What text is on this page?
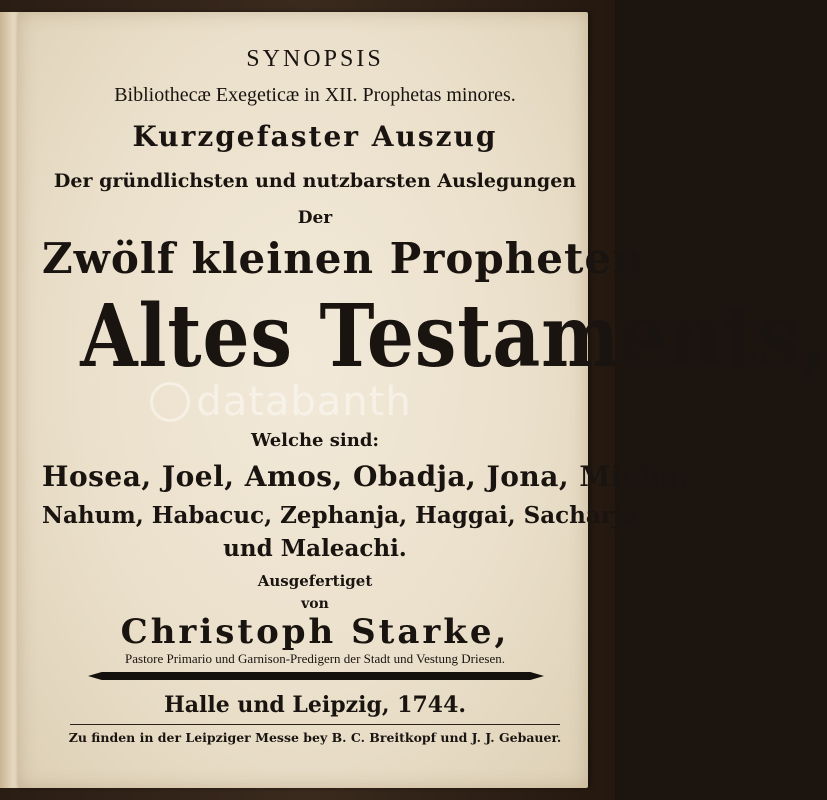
SYNOPSIS
Bibliothecæ Exegeticæ in XII. Prophetas minores.
Kurzgefaster Auszug
Der gründlichsten und nutzbarsten Auslegungen
Der
Zwölf kleinen Propheten
Altes Testaments,
Welche sind:
Hosea, Joel, Amos, Obadja, Jona, Micha,
Nahum, Habacuc, Zephanja, Haggai, Sacharja,
und Maleachi.
Ausgefertiget
von
Christoph Starke,
Pastore Primario und Garnison-Predigern der Stadt und Vestung Driesen.
Halle und Leipzig, 1744.
Zu finden in der Leipziger Messe bey B. C. Breitkopf und J. J. Gebauer.
databanth
